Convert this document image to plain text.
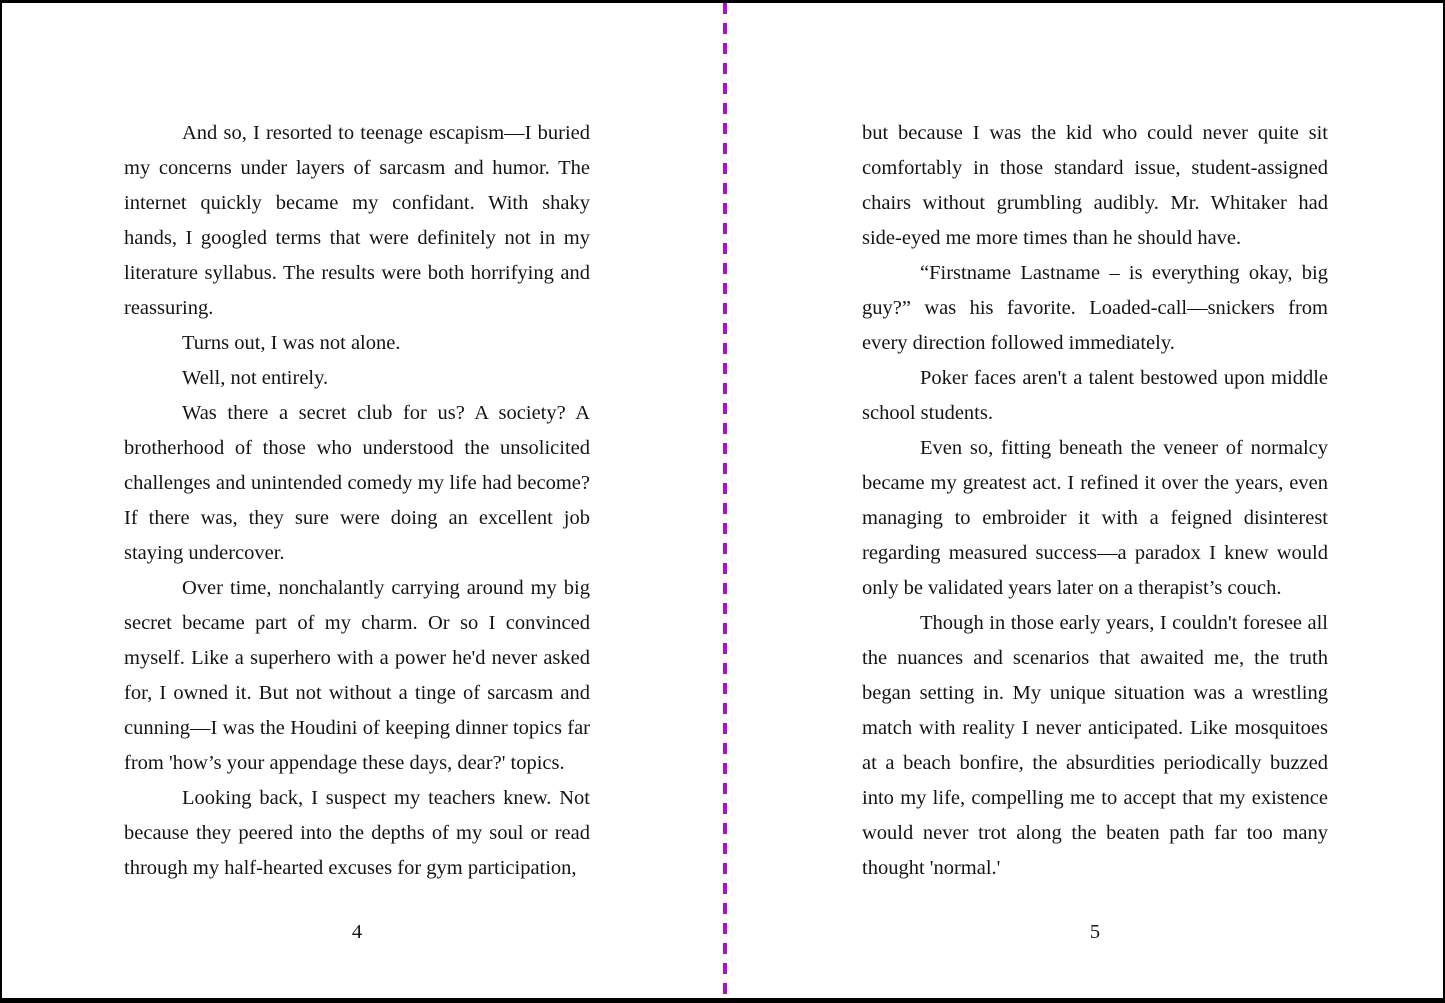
And so, I resorted to teenage escapism—I buried my concerns under layers of sarcasm and humor. The internet quickly became my confidant. With shaky hands, I googled terms that were definitely not in my literature syllabus. The results were both horrifying and reassuring.

Turns out, I was not alone.

Well, not entirely.

Was there a secret club for us? A society? A brotherhood of those who understood the unsolicited challenges and unintended comedy my life had become? If there was, they sure were doing an excellent job staying undercover.

Over time, nonchalantly carrying around my big secret became part of my charm. Or so I convinced myself. Like a superhero with a power he'd never asked for, I owned it. But not without a tinge of sarcasm and cunning—I was the Houdini of keeping dinner topics far from 'how’s your appendage these days, dear?' topics.

Looking back, I suspect my teachers knew. Not because they peered into the depths of my soul or read through my half-hearted excuses for gym participation,

4

but because I was the kid who could never quite sit comfortably in those standard issue, student-assigned chairs without grumbling audibly. Mr. Whitaker had side-eyed me more times than he should have.

“Firstname Lastname – is everything okay, big guy?” was his favorite. Loaded-call—snickers from every direction followed immediately.

Poker faces aren't a talent bestowed upon middle school students.

Even so, fitting beneath the veneer of normalcy became my greatest act. I refined it over the years, even managing to embroider it with a feigned disinterest regarding measured success—a paradox I knew would only be validated years later on a therapist’s couch.

Though in those early years, I couldn't foresee all the nuances and scenarios that awaited me, the truth began setting in. My unique situation was a wrestling match with reality I never anticipated. Like mosquitoes at a beach bonfire, the absurdities periodically buzzed into my life, compelling me to accept that my existence would never trot along the beaten path far too many thought 'normal.'

5
